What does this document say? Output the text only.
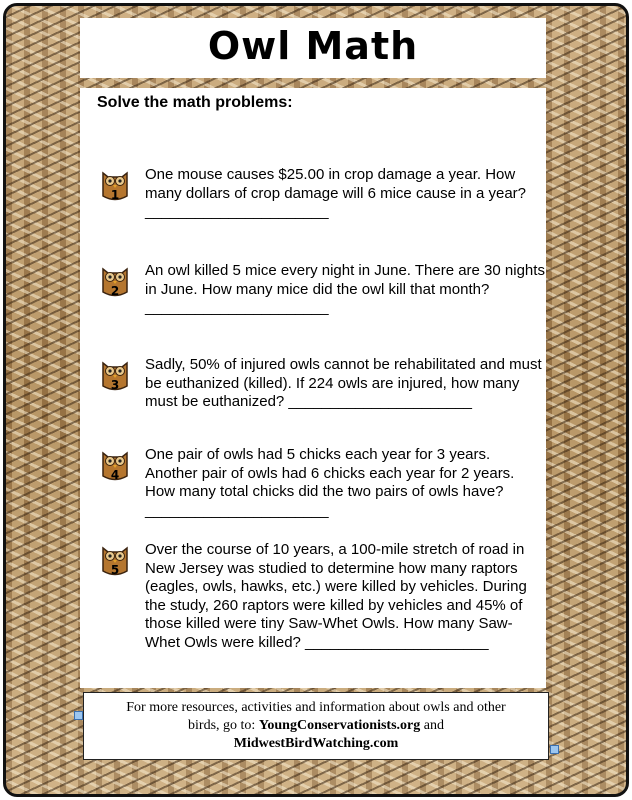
Owl Math
Solve the math problems:
1
One mouse causes $25.00 in crop damage a year. How many dollars of crop damage will 6 mice cause in a year? ______________________
2
An owl killed 5 mice every night in June. There are 30 nights in June. How many mice did the owl kill that month? ______________________
3
Sadly, 50% of injured owls cannot be rehabilitated and must be euthanized (killed). If 224 owls are injured, how many must be euthanized? ______________________
4
One pair of owls had 5 chicks each year for 3 years. Another pair of owls had 6 chicks each year for 2 years. How many total chicks did the two pairs of owls have? ______________________
5
Over the course of 10 years, a 100-mile stretch of road in New Jersey was studied to determine how many raptors (eagles, owls, hawks, etc.) were killed by vehicles. During the study, 260 raptors were killed by vehicles and 45% of those killed were tiny Saw-Whet Owls. How many Saw-Whet Owls were killed? ______________________
For more resources, activities and information about owls and other
birds, go to: YoungConservationists.org and
MidwestBirdWatching.com
